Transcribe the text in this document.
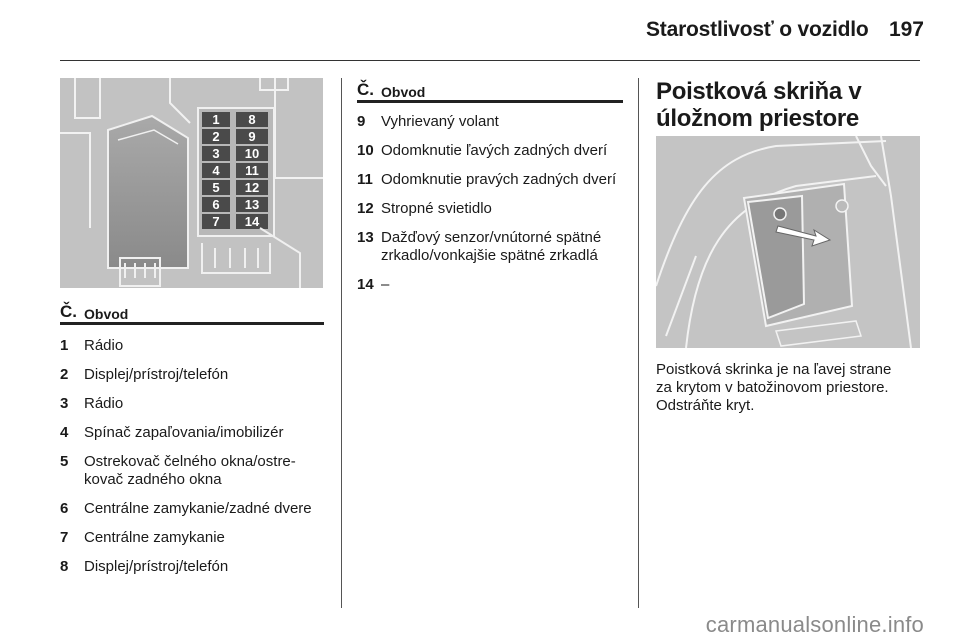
Starostlivosť o vozidlo 197
1 8
2 9
3 10
4 11
5 12
6 13
7 14
Č. Obvod
1	Rádio
2	Displej/prístroj/telefón
3	Rádio
4	Spínač zapaľovania/imobilizér
5	Ostrekovač čelného okna/ostre-kovač zadného okna
6	Centrálne zamykanie/zadné dvere
7	Centrálne zamykanie
8	Displej/prístroj/telefón
Č. Obvod
9	Vyhrievaný volant
10 Odomknutie ľavých zadných dverí
11 Odomknutie pravých zadných dverí
12 Stropné svietidlo
13 Dažďový senzor/vnútorné spätné zrkadlo/vonkajšie spätné zrkadlá
14 –
Poistková skriňa v
úložnom priestore
Poistková skrinka je na ľavej strane
za krytom v batožinovom priestore.
Odstráňte kryt.
carmanualsonline.info
